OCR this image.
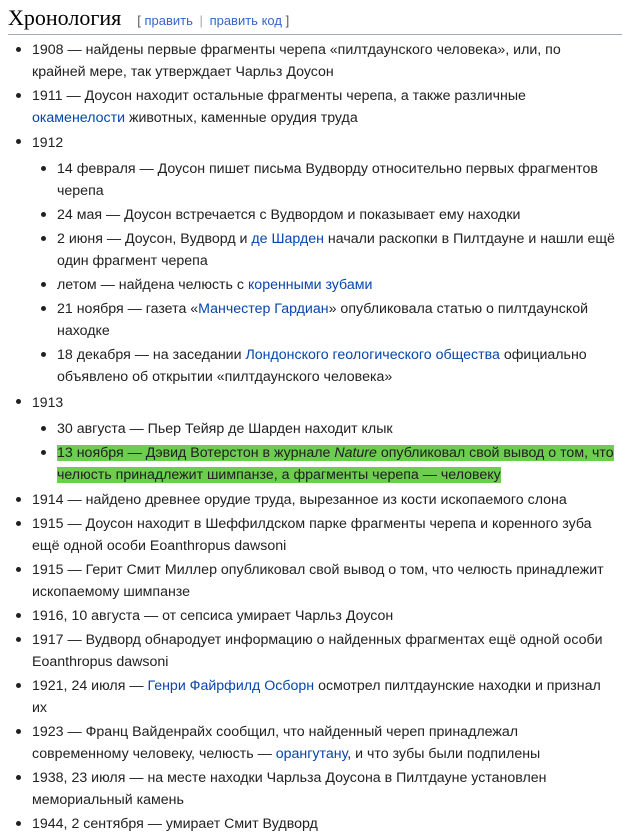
Хронология [ править | править код ]
1908 — найдены первые фрагменты черепа «пилтдаунского человека», или, по крайней мере, так утверждает Чарльз Доусон
1911 — Доусон находит остальные фрагменты черепа, а также различные окаменелости животных, каменные орудия труда
1912
14 февраля — Доусон пишет письма Вудворду относительно первых фрагментов черепа
24 мая — Доусон встречается с Вудвордом и показывает ему находки
2 июня — Доусон, Вудворд и де Шарден начали раскопки в Пилтдауне и нашли ещё один фрагмент черепа
летом — найдена челюсть с коренными зубами
21 ноября — газета «Манчестер Гардиан» опубликовала статью о пилтдаунской находке
18 декабря — на заседании Лондонского геологического общества официально объявлено об открытии «пилтдаунского человека»
1913
30 августа — Пьер Тейяр де Шарден находит клык
13 ноября — Дэвид Вотерстон в журнале Nature опубликовал свой вывод о том, что челюсть принадлежит шимпанзе, а фрагменты черепа — человеку
1914 — найдено древнее орудие труда, вырезанное из кости ископаемого слона
1915 — Доусон находит в Шеффилдском парке фрагменты черепа и коренного зуба ещё одной особи Eoanthropus dawsoni
1915 — Герит Смит Миллер опубликовал свой вывод о том, что челюсть принадлежит ископаемому шимпанзе
1916, 10 августа — от сепсиса умирает Чарльз Доусон
1917 — Вудворд обнародует информацию о найденных фрагментах ещё одной особи Eoanthropus dawsoni
1921, 24 июля — Генри Файрфилд Осборн осмотрел пилтдаунские находки и признал их
1923 — Франц Вайденрайх сообщил, что найденный череп принадлежал современному человеку, челюсть — орангутану, и что зубы были подпилены
1938, 23 июля — на месте находки Чарльза Доусона в Пилтдауне установлен мемориальный камень
1944, 2 сентября — умирает Смит Вудворд
